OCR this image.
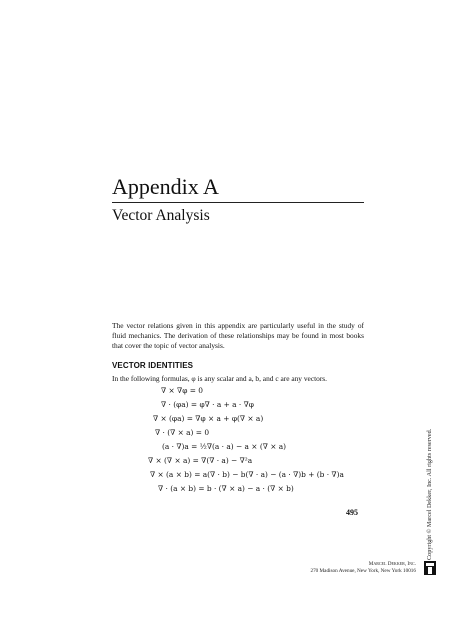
Appendix A
Vector Analysis

The vector relations given in this appendix are particularly useful in the study of fluid mechanics. The derivation of these relationships may be found in most books that cover the topic of vector analysis.

VECTOR IDENTITIES
In the following formulas, φ is any scalar and a, b, and c are any vectors.
∇ × ∇φ = 0
∇ · (φa) = φ∇ · a + a · ∇φ
∇ × (φa) = ∇φ × a + φ(∇ × a)
∇ · (∇ × a) = 0
(a · ∇)a = ½∇(a · a) − a × (∇ × a)
∇ × (∇ × a) = ∇(∇ · a) − ∇²a
∇ × (a × b) = a(∇ · b) − b(∇ · a) − (a · ∇)b + (b · ∇)a
∇ · (a × b) = b · (∇ × a) − a · (∇ × b)
495	Copyright © Marcel Dekker, Inc. All rights reserved.
Marcel Dekker, Inc.
270 Madison Avenue, New York, New York 10016
